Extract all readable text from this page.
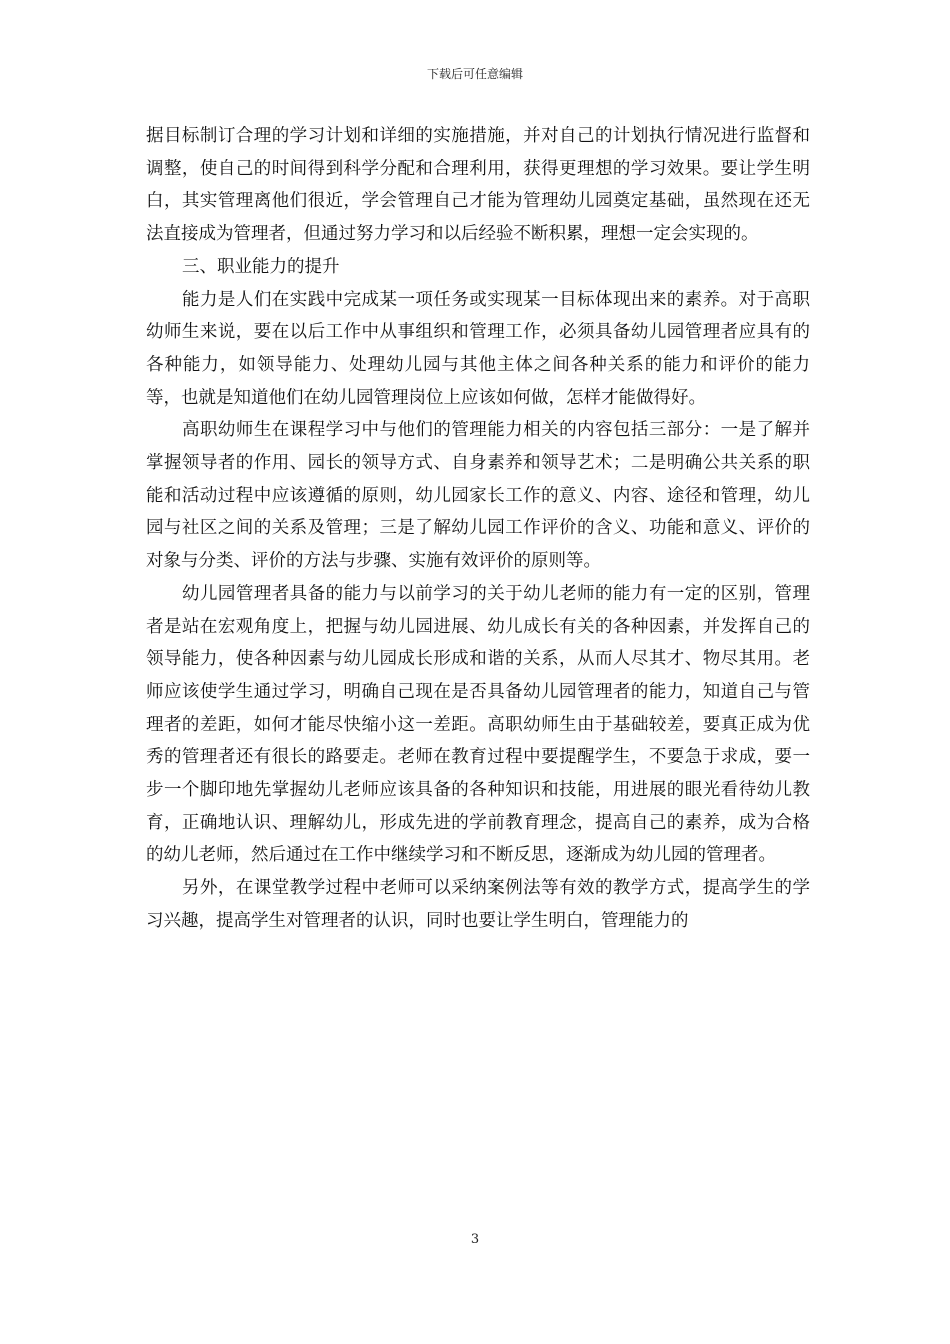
下载后可任意编辑

据目标制订合理的学习计划和详细的实施措施，并对自己的计划执行情况进行监督和调整，使自己的时间得到科学分配和合理利用，获得更理想的学习效果。要让学生明白，其实管理离他们很近，学会管理自己才能为管理幼儿园奠定基础，虽然现在还无法直接成为管理者，但通过努力学习和以后经验不断积累，理想一定会实现的。

三、职业能力的提升

能力是人们在实践中完成某一项任务或实现某一目标体现出来的素养。对于高职幼师生来说，要在以后工作中从事组织和管理工作，必须具备幼儿园管理者应具有的各种能力，如领导能力、处理幼儿园与其他主体之间各种关系的能力和评价的能力等，也就是知道他们在幼儿园管理岗位上应该如何做，怎样才能做得好。

高职幼师生在课程学习中与他们的管理能力相关的内容包括三部分：一是了解并掌握领导者的作用、园长的领导方式、自身素养和领导艺术；二是明确公共关系的职能和活动过程中应该遵循的原则，幼儿园家长工作的意义、内容、途径和管理，幼儿园与社区之间的关系及管理；三是了解幼儿园工作评价的含义、功能和意义、评价的对象与分类、评价的方法与步骤、实施有效评价的原则等。

幼儿园管理者具备的能力与以前学习的关于幼儿老师的能力有一定的区别，管理者是站在宏观角度上，把握与幼儿园进展、幼儿成长有关的各种因素，并发挥自己的领导能力，使各种因素与幼儿园成长形成和谐的关系，从而人尽其才、物尽其用。老师应该使学生通过学习，明确自己现在是否具备幼儿园管理者的能力，知道自己与管理者的差距，如何才能尽快缩小这一差距。高职幼师生由于基础较差，要真正成为优秀的管理者还有很长的路要走。老师在教育过程中要提醒学生，不要急于求成，要一步一个脚印地先掌握幼儿老师应该具备的各种知识和技能，用进展的眼光看待幼儿教育，正确地认识、理解幼儿，形成先进的学前教育理念，提高自己的素养，成为合格的幼儿老师，然后通过在工作中继续学习和不断反思，逐渐成为幼儿园的管理者。

另外，在课堂教学过程中老师可以采纳案例法等有效的教学方式，提高学生的学习兴趣，提高学生对管理者的认识，同时也要让学生明白，管理能力的

3
